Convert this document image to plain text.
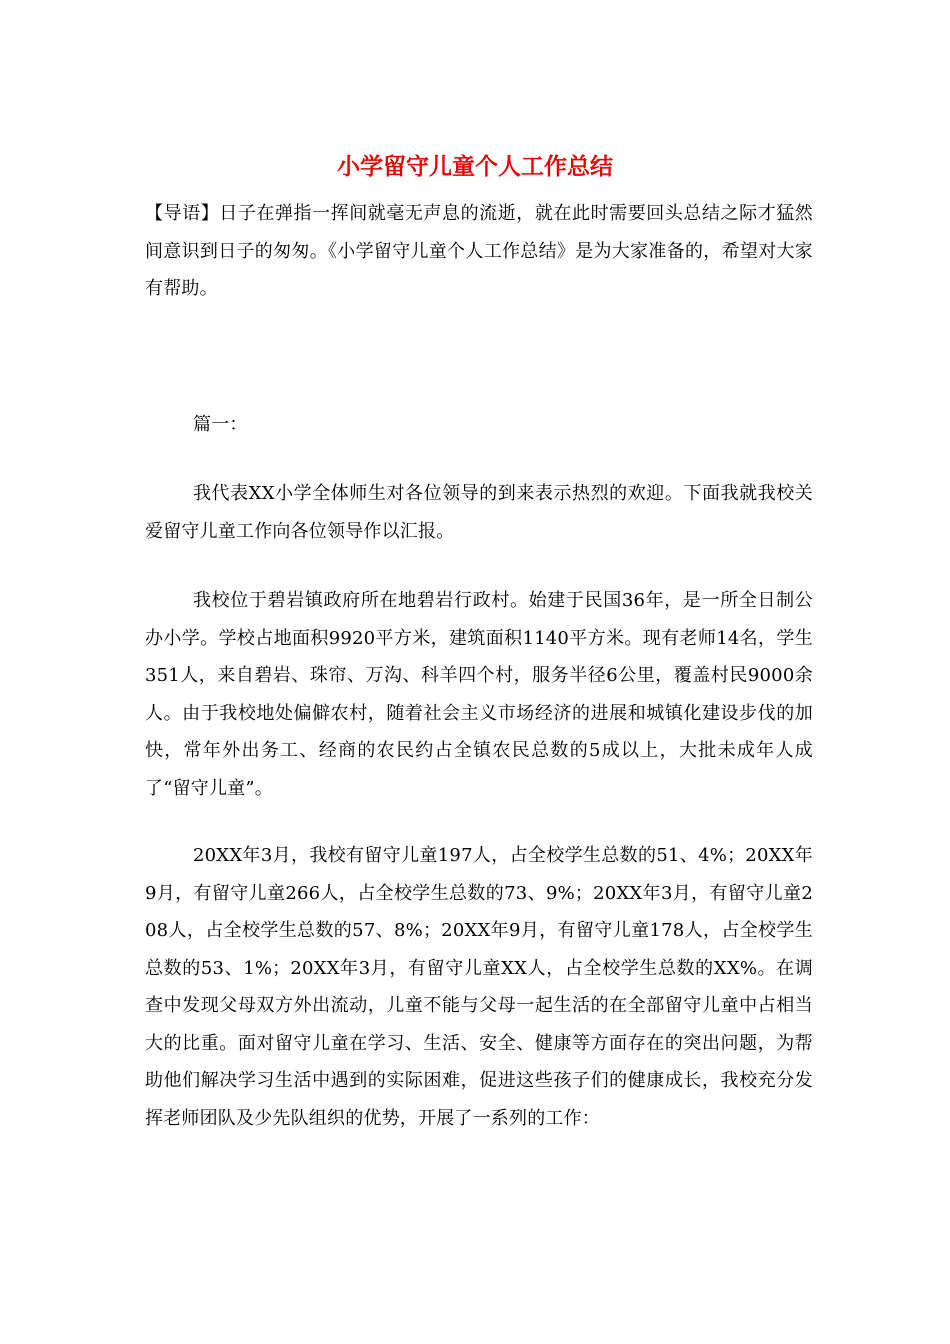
小学留守儿童个人工作总结

【导语】日子在弹指一挥间就毫无声息的流逝，就在此时需要回头总结之际才猛然间意识到日子的匆匆。《小学留守儿童个人工作总结》是为大家准备的，希望对大家有帮助。

篇一：

我代表XX小学全体师生对各位领导的到来表示热烈的欢迎。下面我就我校关爱留守儿童工作向各位领导作以汇报。

我校位于碧岩镇政府所在地碧岩行政村。始建于民国36年，是一所全日制公办小学。学校占地面积9920平方米，建筑面积1140平方米。现有老师14名，学生351人，来自碧岩、珠帘、万沟、科羊四个村，服务半径6公里，覆盖村民9000余人。由于我校地处偏僻农村，随着社会主义市场经济的进展和城镇化建设步伐的加快，常年外出务工、经商的农民约占全镇农民总数的5成以上，大批未成年人成了“留守儿童”。

20XX年3月，我校有留守儿童197人，占全校学生总数的51、4%；20XX年9月，有留守儿童266人，占全校学生总数的73、9%；20XX年3月，有留守儿童208人，占全校学生总数的57、8%；20XX年9月，有留守儿童178人，占全校学生总数的53、1%；20XX年3月，有留守儿童XX人，占全校学生总数的XX%。在调查中发现父母双方外出流动，儿童不能与父母一起生活的在全部留守儿童中占相当大的比重。面对留守儿童在学习、生活、安全、健康等方面存在的突出问题，为帮助他们解决学习生活中遇到的实际困难，促进这些孩子们的健康成长，我校充分发挥老师团队及少先队组织的优势，开展了一系列的工作：
